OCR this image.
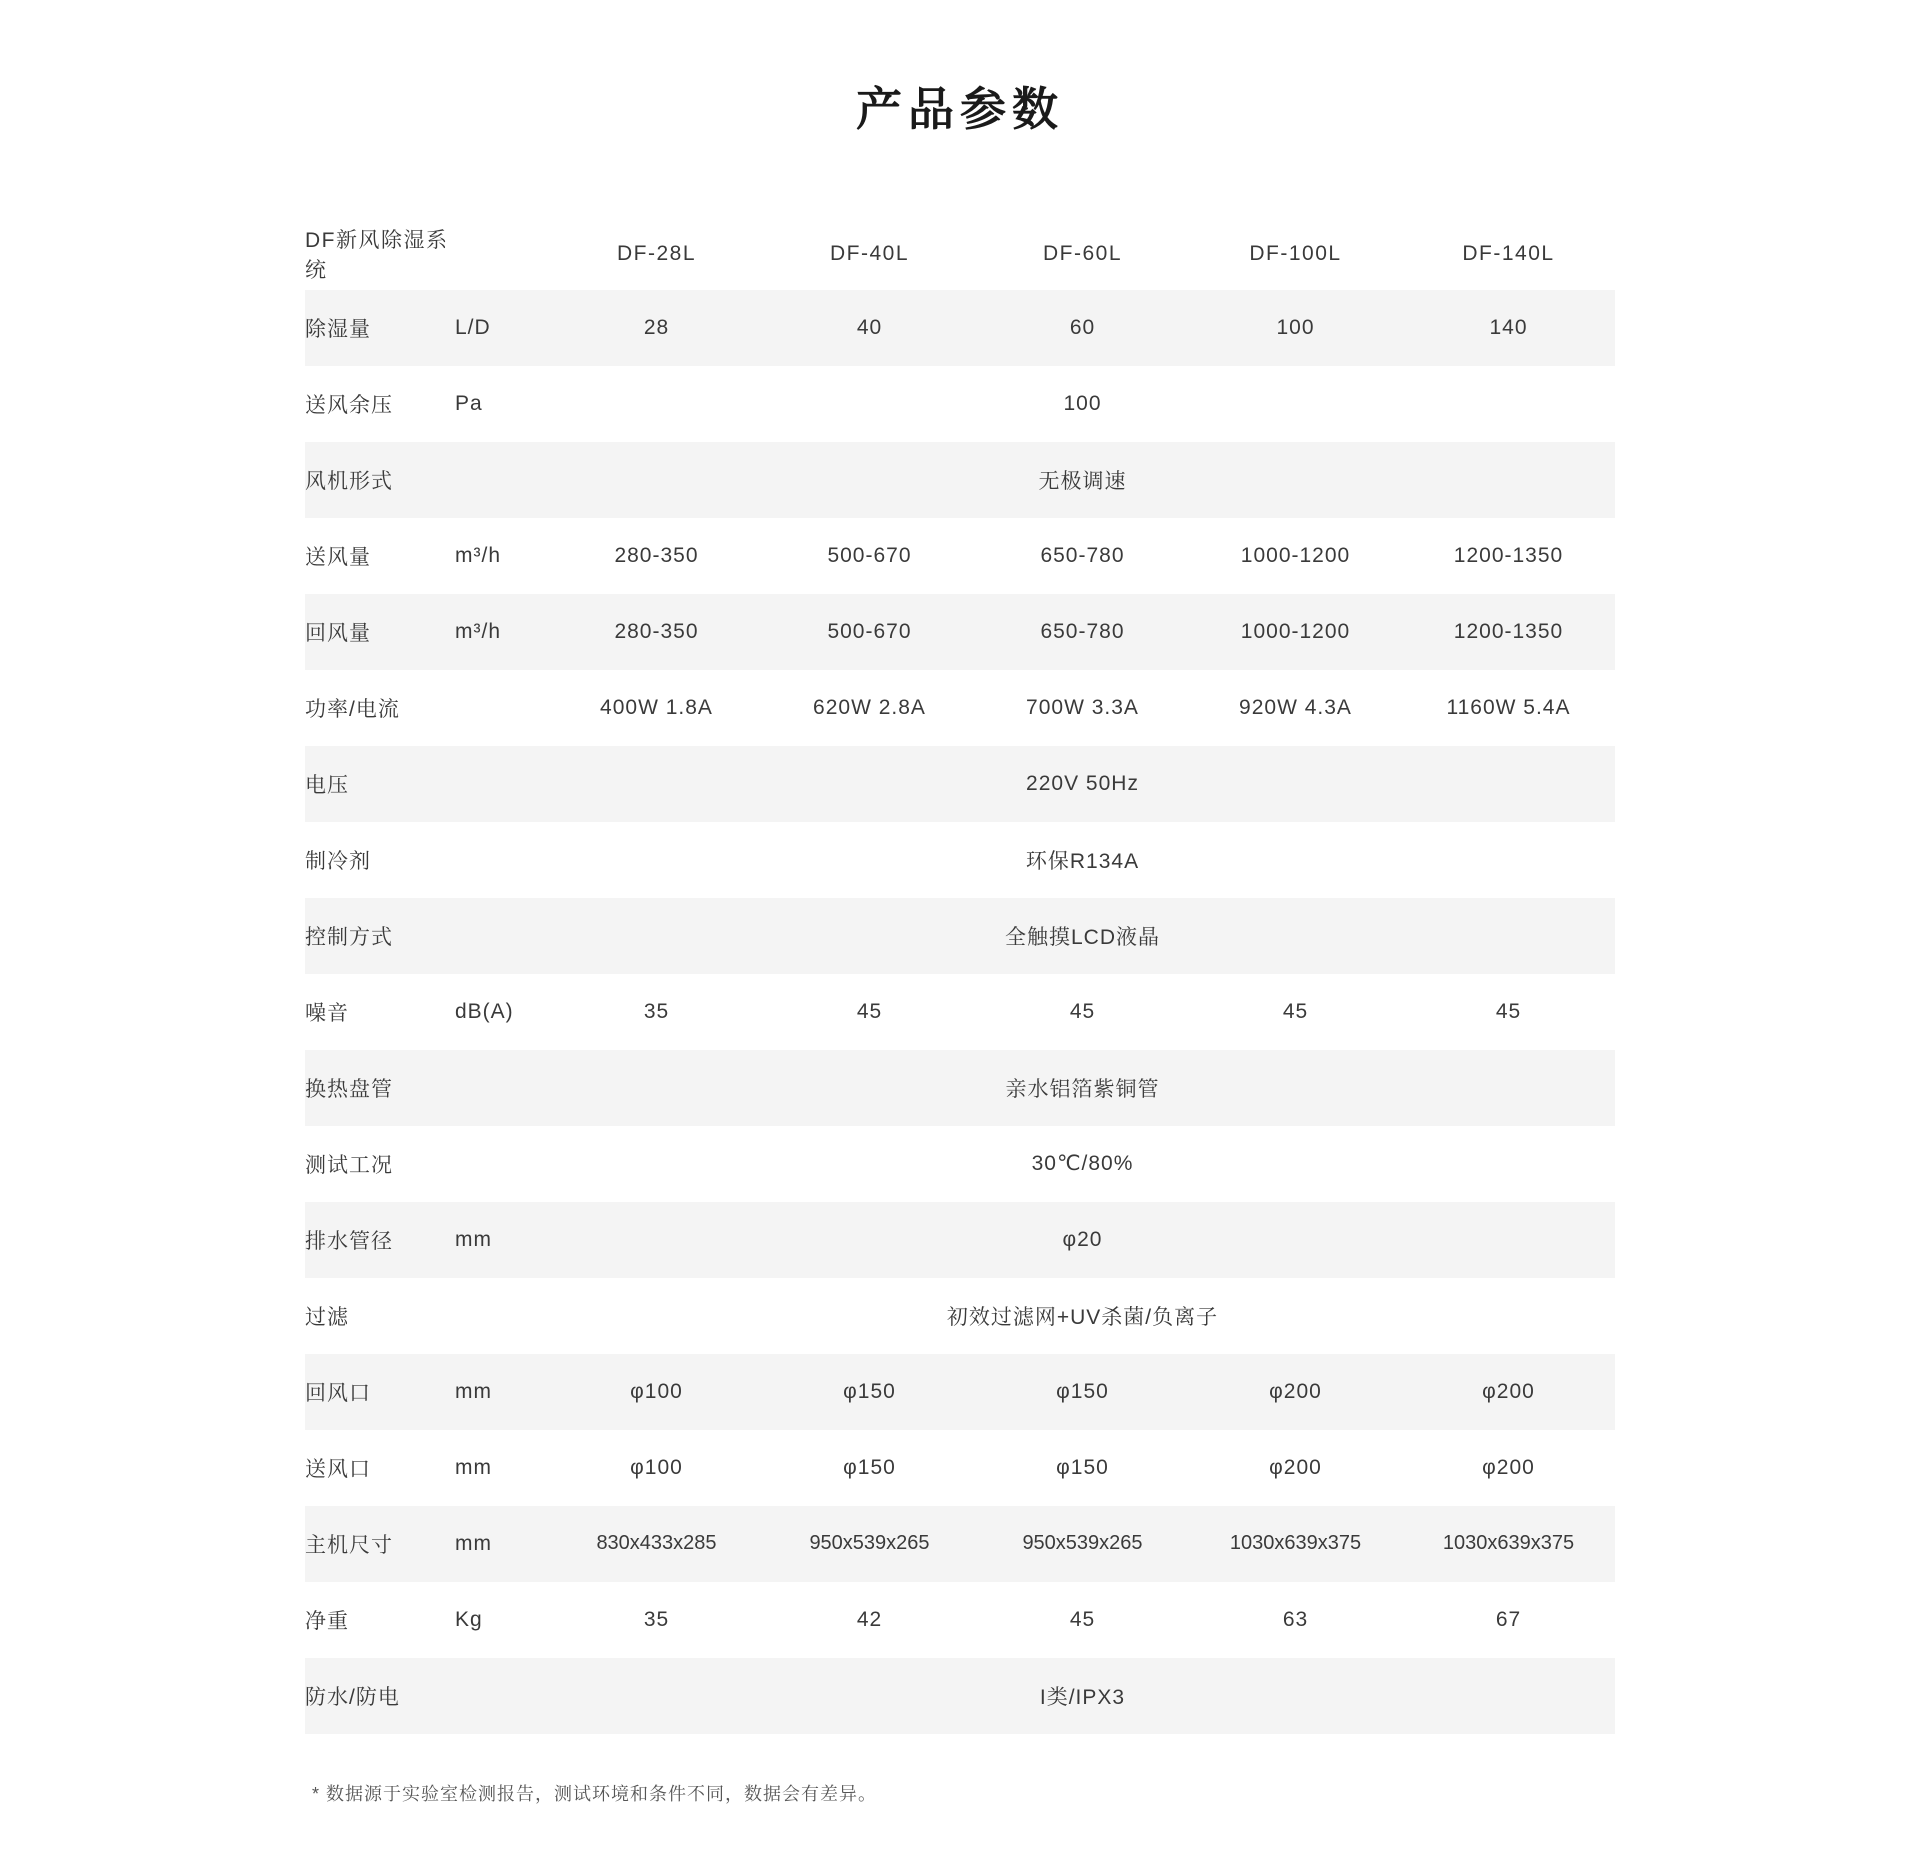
产品参数
DF新风除湿系统		DF-28L	DF-40L	DF-60L	DF-100L	DF-140L
除湿量	L/D	28	40	60	100	140
送风余压	Pa	100				
风机形式		无极调速				
送风量	m³/h	280-350	500-670	650-780	1000-1200	1200-1350
回风量	m³/h	280-350	500-670	650-780	1000-1200	1200-1350
功率/电流		400W 1.8A	620W 2.8A	700W 3.3A	920W 4.3A	1160W 5.4A
电压		220V 50Hz				
制冷剂		环保R134A				
控制方式		全触摸LCD液晶				
噪音	dB(A)	35	45	45	45	45
换热盘管		亲水铝箔紫铜管				
测试工况		30℃/80%				
排水管径	mm	φ20				
过滤		初效过滤网+UV杀菌/负离子				
回风口	mm	φ100	φ150	φ150	φ200	φ200
送风口	mm	φ100	φ150	φ150	φ200	φ200
主机尺寸	mm	830x433x285	950x539x265	950x539x265	1030x639x375	1030x639x375
净重	Kg	35	42	45	63	67
防水/防电		I类/IPX3				
* 数据源于实验室检测报告，测试环境和条件不同，数据会有差异。
